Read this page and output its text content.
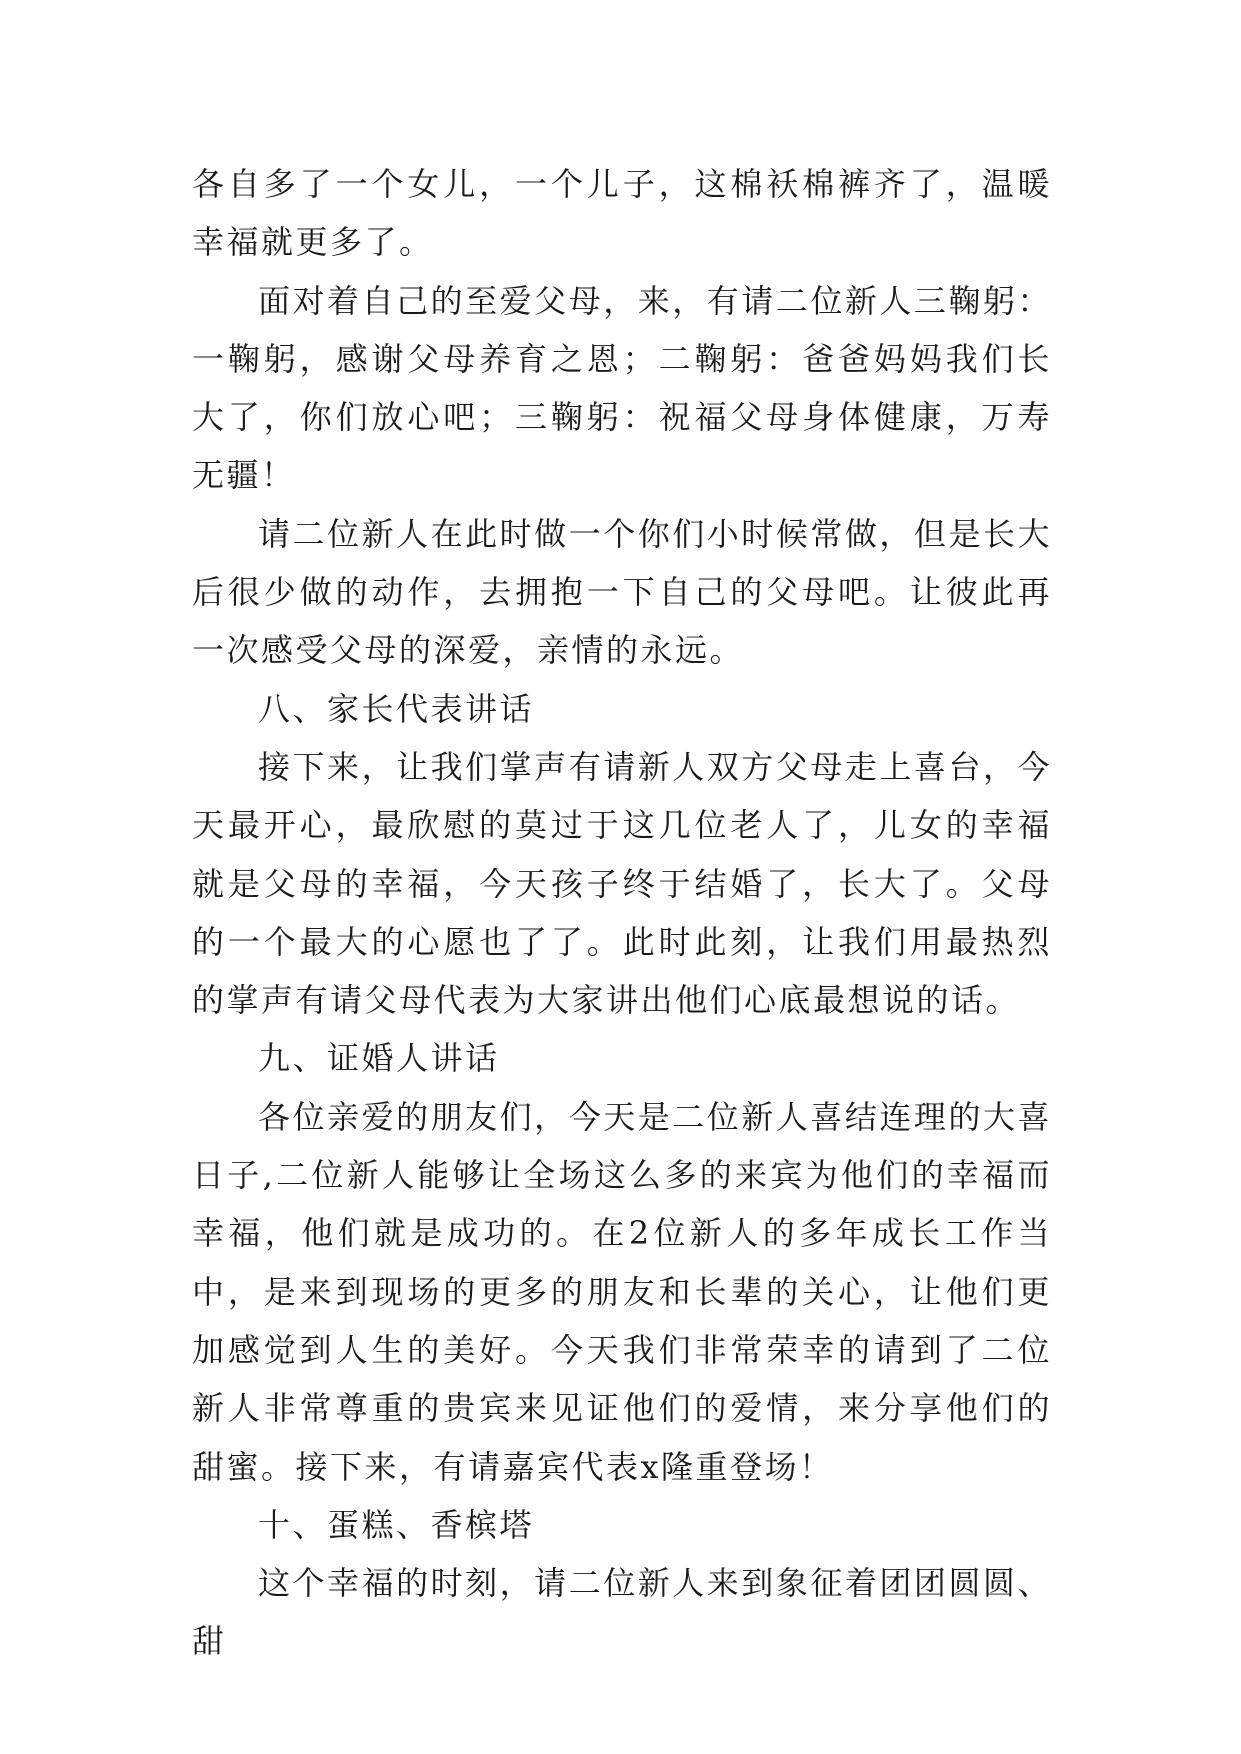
各自多了一个女儿，一个儿子，这棉袄棉裤齐了，温暖幸福就更多了。

面对着自己的至爱父母，来，有请二位新人三鞠躬：一鞠躬，感谢父母养育之恩；二鞠躬：爸爸妈妈我们长大了，你们放心吧；三鞠躬：祝福父母身体健康，万寿无疆！

请二位新人在此时做一个你们小时候常做，但是长大后很少做的动作，去拥抱一下自己的父母吧。让彼此再一次感受父母的深爱，亲情的永远。

八、家长代表讲话

接下来，让我们掌声有请新人双方父母走上喜台，今天最开心，最欣慰的莫过于这几位老人了，儿女的幸福就是父母的幸福，今天孩子终于结婚了，长大了。父母的一个最大的心愿也了了。此时此刻，让我们用最热烈的掌声有请父母代表为大家讲出他们心底最想说的话。

九、证婚人讲话

各位亲爱的朋友们，今天是二位新人喜结连理的大喜日子,二位新人能够让全场这么多的来宾为他们的幸福而幸福，他们就是成功的。在2位新人的多年成长工作当中，是来到现场的更多的朋友和长辈的关心，让他们更加感觉到人生的美好。今天我们非常荣幸的请到了二位新人非常尊重的贵宾来见证他们的爱情，来分享他们的甜蜜。接下来，有请嘉宾代表x隆重登场！

十、蛋糕、香槟塔

这个幸福的时刻，请二位新人来到象征着团团圆圆、甜
